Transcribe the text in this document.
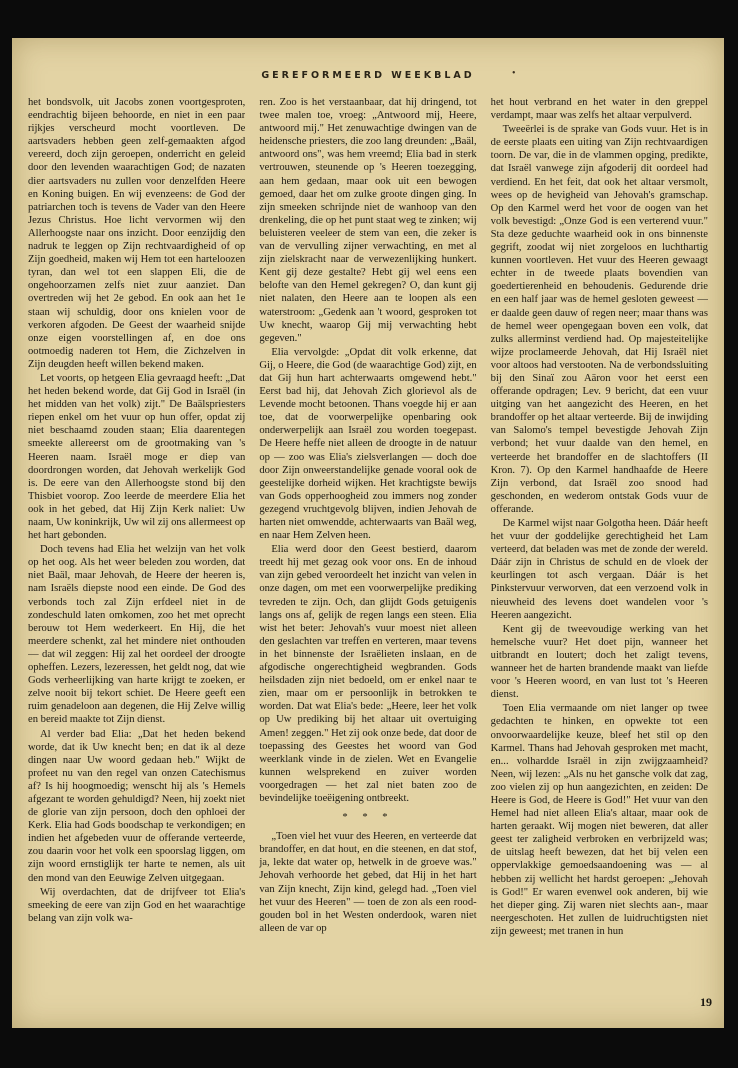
GEREFORMEERD WEEKBLAD	•

het bondsvolk, uit Jacobs zonen voortgesproten, eendrachtig bijeen behoorde, en niet in een paar rijkjes verscheurd mocht voortleven. De aartsvaders hebben geen zelf-gemaakten afgod vereerd, doch zijn geroepen, onderricht en geleid door den levenden waarachtigen God; de nazaten dier aartsvaders nu zullen voor denzelfden Heere en Koning buigen. En wij evenzeens: de God der patriarchen toch is tevens de Vader van den Heere Jezus Christus. Hoe licht vervormen wij den Allerhoogste naar ons inzicht. Door eenzijdig den nadruk te leggen op Zijn rechtvaardigheid of op Zijn goedheid, maken wij Hem tot een harteloozen tyran, dan wel tot een slappen Eli, die de ongehoorzamen zelfs niet zuur aanziet. Dan overtreden wij het 2e gebod. En ook aan het 1e staan wij schuldig, door ons knielen voor de verkoren afgoden. De Geest der waarheid snijde onze eigen voorstellingen af, en doe ons ootmoedig naderen tot Hem, die Zichzelven in Zijn deugden heeft willen bekend maken.

Let voorts, op hetgeen Elia gevraagd heeft: „Dat het heden bekend worde, dat Gij God in Israël (in het midden van het volk) zijt." De Baälspriesters riepen enkel om het vuur op hun offer, opdat zij niet beschaamd zouden staan; Elia daarentegen smeekte allereerst om de grootmaking van 's Heeren naam. Israël moge er diep van doordrongen worden, dat Jehovah werkelijk God is. De eere van den Allerhoogste stond bij den Thisbiet voorop. Zoo leerde de meerdere Elia het ook in het gebed, dat Hij Zijn Kerk naliet: Uw naam, Uw koninkrijk, Uw wil zij ons allermeest op het hart gebonden.

Doch tevens had Elia het welzijn van het volk op het oog. Als het weer beleden zou worden, dat niet Baäl, maar Jehovah, de Heere der heeren is, nam Israëls diepste nood een einde. De God des verbonds toch zal Zijn erfdeel niet in de zondeschuld laten omkomen, zoo het met oprecht berouw tot Hem wederkeert. En Hij, die het meerdere schenkt, zal het mindere niet onthouden — dat wil zeggen: Hij zal het oordeel der droogte opheffen. Lezers, lezeressen, het geldt nog, dat wie Gods verheerlijking van harte krijgt te zoeken, er zelve nooit bij tekort schiet. De Heere geeft een ruim genadeloon aan degenen, die Hij Zelve willig en bereid maakte tot Zijn dienst.

Al verder bad Elia: „Dat het heden bekend worde, dat ik Uw knecht ben; en dat ik al deze dingen naar Uw woord gedaan heb." Wijkt de profeet nu van den regel van onzen Catechismus af? Is hij hoogmoedig; wenscht hij als 's Hemels afgezant te worden gehuldigd? Neen, hij zoekt niet de glorie van zijn persoon, doch den ophloei der Kerk. Elia had Gods boodschap te verkondigen; en indien het afgebeden vuur de offerande verteerde, zou daarin voor het volk een spoorslag liggen, om zijn woord ernstiglijk ter harte te nemen, als uit den mond van den Eeuwige Zelven uitgegaan.

Wij overdachten, dat de drijfveer tot Elia's smeeking de eere van zijn God en het waarachtige belang van zijn volk wa-

ren. Zoo is het verstaanbaar, dat hij dringend, tot twee malen toe, vroeg: „Antwoord mij, Heere, antwoord mij." Het zenuwachtige dwingen van de heidensche priesters, die zoo lang dreunden: „Baäl, antwoord ons", was hem vreemd; Elia bad in sterk vertrouwen, steunende op 's Heeren toezegging, aan hem gedaan, maar ook uit een bewogen gemoed, daar het om zulke groote dingen ging. In zijn smeeken schrijnde niet de wanhoop van den drenkeling, die op het punt staat weg te zinken; wij beluisteren veeleer de stem van een, die zeker is van de vervulling zijner verwachting, en met al zijn zielskracht naar de verwezenlijking hunkert. Kent gij deze gestalte? Hebt gij wel eens een belofte van den Hemel gekregen? O, dan kunt gij niet nalaten, den Heere aan te loopen als een waterstroom: „Gedenk aan 't woord, gesproken tot Uw knecht, waarop Gij mij verwachting hebt gegeven."

Elia vervolgde: „Opdat dit volk erkenne, dat Gij, o Heere, die God (de waarachtige God) zijt, en dat Gij hun hart achterwaarts omgewend hebt." Eerst bad hij, dat Jehovah Zich glorievol als de Levende mocht betoonen. Thans voegde hij er aan toe, dat de voorwerpelijke openbaring ook onderwerpelijk aan Israël zou worden toegepast. De Heere heffe niet alleen de droogte in de natuur op — zoo was Elia's zielsverlangen — doch doe door Zijn onweerstandelijke genade vooral ook de geestelijke dorheid wijken. Het krachtigste bewijs van Gods opperhoogheid zou immers nog zonder gezegend vruchtgevolg blijven, indien Jehovah de harten niet omwendde, achterwaarts van Baäl weg, en naar Hem Zelven heen.

Elia werd door den Geest bestierd, daarom treedt hij met gezag ook voor ons. En de inhoud van zijn gebed veroordeelt het inzicht van velen in onze dagen, om met een voorwerpelijke prediking tevreden te zijn. Och, dan glijdt Gods getuigenis langs ons af, gelijk de regen langs een steen. Elia wist het beter: Jehovah's vuur moest niet alleen den geslachten var treffen en verteren, maar tevens in het binnenste der Israëlieten inslaan, en de afgodische ongerechtigheid wegbranden. Gods heilsdaden zijn niet bedoeld, om er enkel naar te zien, maar om er persoonlijk in betrokken te worden. Dat wat Elia's bede: „Heere, leer het volk op Uw prediking bij het altaar uit overtuiging Amen! zeggen." Het zij ook onze bede, dat door de toepassing des Geestes het woord van God weerklank vinde in de zielen. Wet en Evangelie kunnen welsprekend en zuiver worden voorgedragen — het zal niet baten zoo de bevindelijke toeëigening ontbreekt.

* * *

„Toen viel het vuur des Heeren, en verteerde dat brandoffer, en dat hout, en die steenen, en dat stof, ja, lekte dat water op, hetwelk in de groeve was." Jehovah verhoorde het gebed, dat Hij in het hart van Zijn knecht, Zijn kind, gelegd had. „Toen viel het vuur des Heeren" — toen de zon als een rood-gouden bol in het Westen onderdook, waren niet alleen de var op

het hout verbrand en het water in den greppel verdampt, maar was zelfs het altaar verpulverd.

Tweeërlei is de sprake van Gods vuur. Het is in de eerste plaats een uiting van Zijn rechtvaardigen toorn. De var, die in de vlammen opging, predikte, dat Israël vanwege zijn afgoderij dit oordeel had verdiend. En het feit, dat ook het altaar versmolt, wees op de hevigheid van Jehovah's gramschap. Op den Karmel werd het voor de oogen van het volk bevestigd: „Onze God is een verterend vuur." Sta deze geduchte waarheid ook in ons binnenste gegrift, zoodat wij niet zorgeloos en luchthartig kunnen voortleven. Het vuur des Heeren gewaagt echter in de tweede plaats bovendien van goedertierenheid en behoudenis. Gedurende drie en een half jaar was de hemel gesloten geweest — er daalde geen dauw of regen neer; maar thans was de hemel weer opengegaan boven een volk, dat zulks allerminst verdiend had. Op majesteitelijke wijze proclameerde Jehovah, dat Hij Israël niet voor altoos had verstooten. Na de verbondssluiting bij den Sinaï zou Aäron voor het eerst een offerande opdragen; Lev. 9 bericht, dat een vuur uitging van het aangezicht des Heeren, en het brandoffer op het altaar verteerde. Bij de inwijding van Salomo's tempel bevestigde Jehovah Zijn verbond; het vuur daalde van den hemel, en verteerde het brandoffer en de slachtoffers (II Kron. 7). Op den Karmel handhaafde de Heere Zijn verbond, dat Israël zoo snood had geschonden, en wederom ontstak Gods vuur de offerande.

De Karmel wijst naar Golgotha heen. Dáár heeft het vuur der goddelijke gerechtigheid het Lam verteerd, dat beladen was met de zonde der wereld. Dáár zijn in Christus de schuld en de vloek der keurlingen tot asch vergaan. Dáár is het Pinkstervuur verworven, dat een verzoend volk in nieuwheid des levens doet wandelen voor 's Heeren aangezicht.

Kent gij de tweevoudige werking van het hemelsche vuur? Het doet pijn, wanneer het uitbrandt en loutert; doch het zaligt tevens, wanneer het de harten brandende maakt van liefde voor 's Heeren woord, en van lust tot 's Heeren dienst.

Toen Elia vermaande om niet langer op twee gedachten te hinken, en opwekte tot een onvoorwaardelijke keuze, bleef het stil op den Karmel. Thans had Jehovah gesproken met macht, en... volhardde Israël in zijn zwijgzaamheid? Neen, wij lezen: „Als nu het gansche volk dat zag, zoo vielen zij op hun aangezichten, en zeiden: De Heere is God, de Heere is God!" Het vuur van den Hemel had niet alleen Elia's altaar, maar ook de harten geraakt. Wij mogen niet beweren, dat aller geest ter zaligheid verbroken en verbrijzeld was; de uitslag heeft bewezen, dat het bij velen een oppervlakkige gemoedsaandoening was — al hebben zij wellicht het hardst geroepen: „Jehovah is God!" Er waren evenwel ook anderen, bij wie het dieper ging. Zij waren niet slechts aan-, maar neergeschoten. Het zullen de luidruchtigsten niet zijn geweest; met tranen in hun

19
